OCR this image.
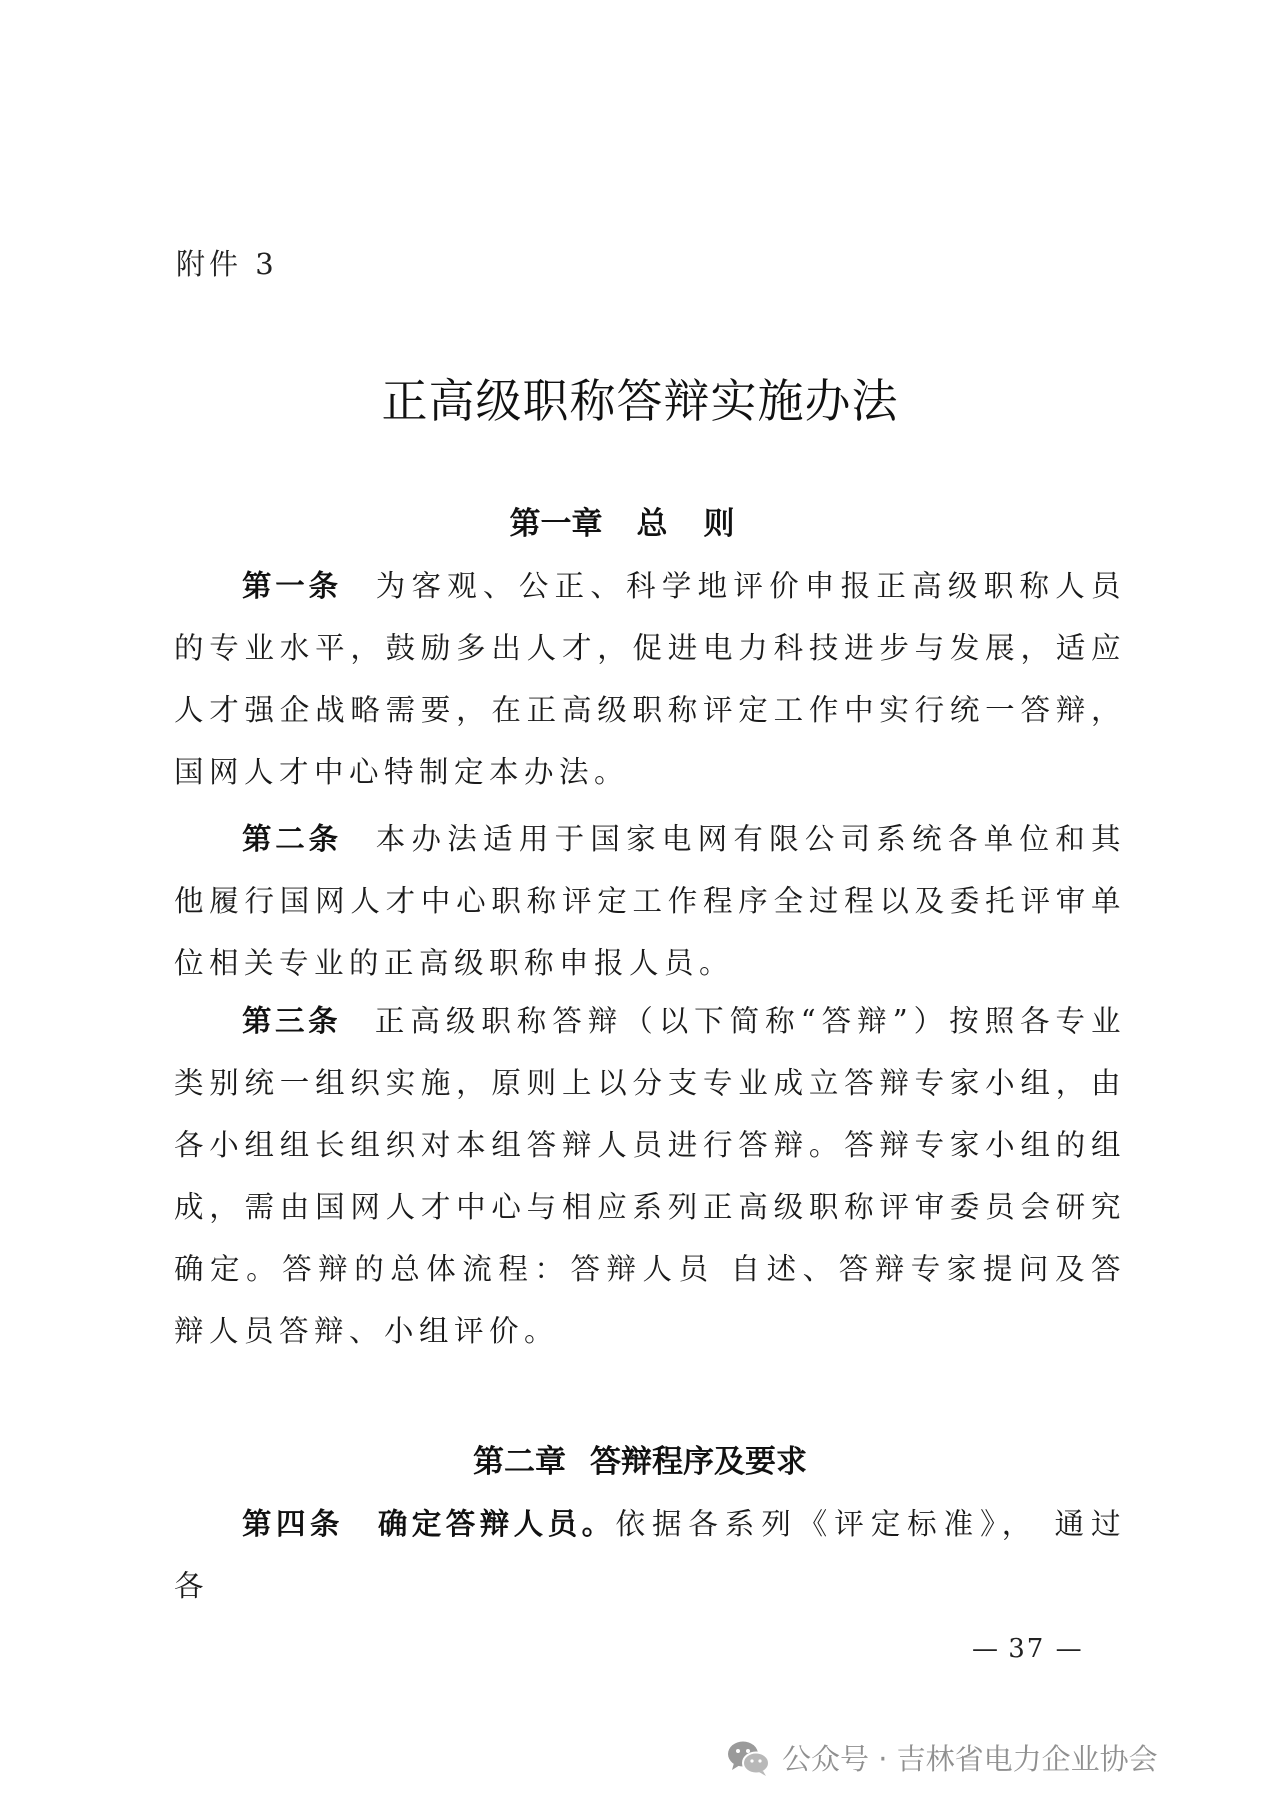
附件 3
正高级职称答辩实施办法
第一章 总则
第一条 为客观、公正、科学地评价申报正高级职称人员的专业水平，鼓励多出人才，促进电力科技进步与发展，适应人才强企战略需要，在正高级职称评定工作中实行统一答辩，国网人才中心特制定本办法。
第二条 本办法适用于国家电网有限公司系统各单位和其他履行国网人才中心职称评定工作程序全过程以及委托评审单位相关专业的正高级职称申报人员。
第三条 正高级职称答辩（以下简称“答辩”）按照各专业类别统一组织实施，原则上以分支专业成立答辩专家小组，由各小组组长组织对本组答辩人员进行答辩。答辩专家小组的组成，需由国网人才中心与相应系列正高级职称评审委员会研究确定。答辩的总体流程：答辩人员 自述、答辩专家提问及答辩人员答辩、小组评价。
第二章 答辩程序及要求
第四条 确定答辩人员。依据各系列《评定标准》， 通过各
— 37 —
公众号 · 吉林省电力企业协会
